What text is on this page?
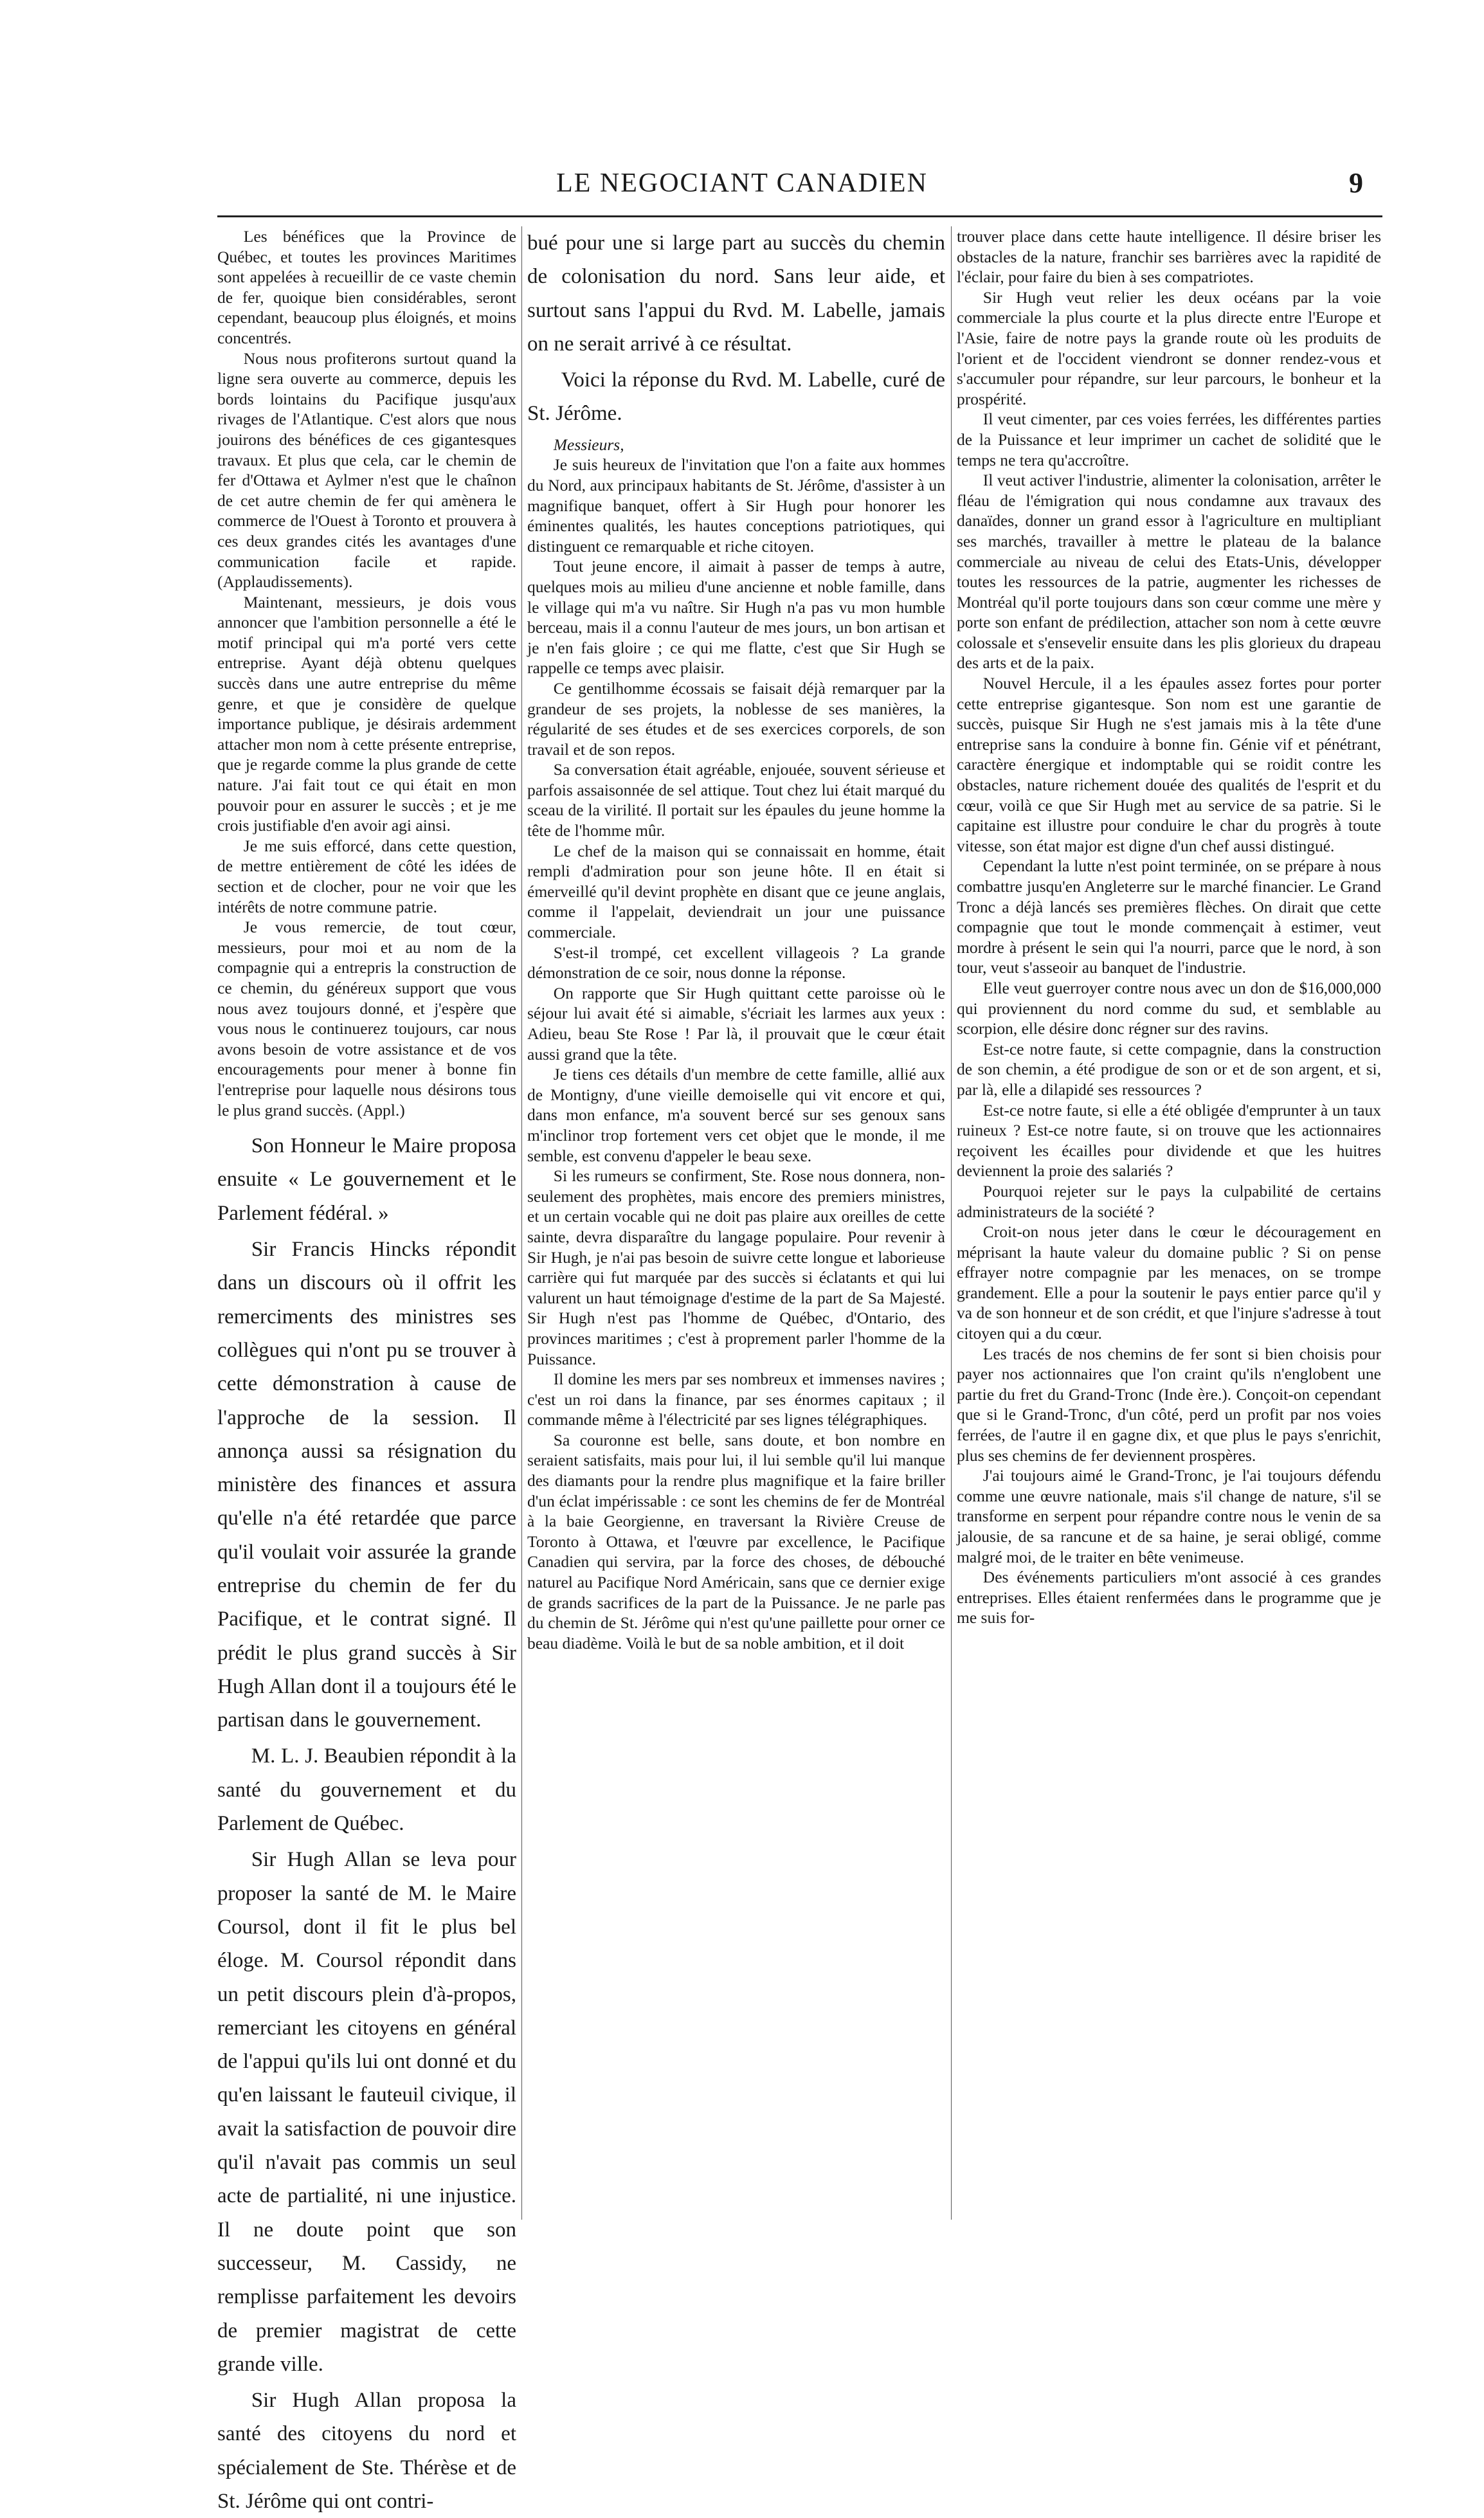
LE NEGOCIANT CANADIEN	9

Les bénéfices que la Province de Québec, et toutes les provinces Maritimes sont appelées à recueillir de ce vaste chemin de fer, quoique bien considérables, seront cependant, beaucoup plus éloignés, et moins concentrés.

Nous nous profiterons surtout quand la ligne sera ouverte au commerce, depuis les bords lointains du Pacifique jusqu'aux rivages de l'Atlantique. C'est alors que nous jouirons des bénéfices de ces gigantesques travaux. Et plus que cela, car le chemin de fer d'Ottawa et Aylmer n'est que le chaînon de cet autre chemin de fer qui amènera le commerce de l'Ouest à Toronto et prouvera à ces deux grandes cités les avantages d'une communication facile et rapide. (Applaudissements).

Maintenant, messieurs, je dois vous annoncer que l'ambition personnelle a été le motif principal qui m'a porté vers cette entreprise. Ayant déjà obtenu quelques succès dans une autre entreprise du même genre, et que je considère de quelque importance publique, je désirais ardemment attacher mon nom à cette présente entreprise, que je regarde comme la plus grande de cette nature. J'ai fait tout ce qui était en mon pouvoir pour en assurer le succès ; et je me crois justifiable d'en avoir agi ainsi.

Je me suis efforcé, dans cette question, de mettre entièrement de côté les idées de section et de clocher, pour ne voir que les intérêts de notre commune patrie.

Je vous remercie, de tout cœur, messieurs, pour moi et au nom de la compagnie qui a entrepris la construction de ce chemin, du généreux support que vous nous avez toujours donné, et j'espère que vous nous le continuerez toujours, car nous avons besoin de votre assistance et de vos encouragements pour mener à bonne fin l'entreprise pour laquelle nous désirons tous le plus grand succès. (Appl.)

Son Honneur le Maire proposa ensuite « Le gouvernement et le Parlement fédéral. »

Sir Francis Hincks répondit dans un discours où il offrit les remerciments des ministres ses collègues qui n'ont pu se trouver à cette démonstration à cause de l'approche de la session. Il annonça aussi sa résignation du ministère des finances et assura qu'elle n'a été retardée que parce qu'il voulait voir assurée la grande entreprise du chemin de fer du Pacifique, et le contrat signé. Il prédit le plus grand succès à Sir Hugh Allan dont il a toujours été le partisan dans le gouvernement.

M. L. J. Beaubien répondit à la santé du gouvernement et du Parlement de Québec.

Sir Hugh Allan se leva pour proposer la santé de M. le Maire Coursol, dont il fit le plus bel éloge. M. Coursol répondit dans un petit discours plein d'à-propos, remerciant les citoyens en général de l'appui qu'ils lui ont donné et du qu'en laissant le fauteuil civique, il avait la satisfaction de pouvoir dire qu'il n'avait pas commis un seul acte de partialité, ni une injustice. Il ne doute point que son successeur, M. Cassidy, ne remplisse parfaitement les devoirs de premier magistrat de cette grande ville.

Sir Hugh Allan proposa la santé des citoyens du nord et spécialement de Ste. Thérèse et de St. Jérôme qui ont contri-

bué pour une si large part au succès du chemin de colonisation du nord. Sans leur aide, et surtout sans l'appui du Rvd. M. Labelle, jamais on ne serait arrivé à ce résultat.

Voici la réponse du Rvd. M. Labelle, curé de St. Jérôme.

Messieurs,

Je suis heureux de l'invitation que l'on a faite aux hommes du Nord, aux principaux habitants de St. Jérôme, d'assister à un magnifique banquet, offert à Sir Hugh pour honorer les éminentes qualités, les hautes conceptions patriotiques, qui distinguent ce remarquable et riche citoyen.

Tout jeune encore, il aimait à passer de temps à autre, quelques mois au milieu d'une ancienne et noble famille, dans le village qui m'a vu naître. Sir Hugh n'a pas vu mon humble berceau, mais il a connu l'auteur de mes jours, un bon artisan et je n'en fais gloire ; ce qui me flatte, c'est que Sir Hugh se rappelle ce temps avec plaisir.

Ce gentilhomme écossais se faisait déjà remarquer par la grandeur de ses projets, la noblesse de ses manières, la régularité de ses études et de ses exercices corporels, de son travail et de son repos.

Sa conversation était agréable, enjouée, souvent sérieuse et parfois assaisonnée de sel attique. Tout chez lui était marqué du sceau de la virilité. Il portait sur les épaules du jeune homme la tête de l'homme mûr.

Le chef de la maison qui se connaissait en homme, était rempli d'admiration pour son jeune hôte. Il en était si émerveillé qu'il devint prophète en disant que ce jeune anglais, comme il l'appelait, deviendrait un jour une puissance commerciale.

S'est-il trompé, cet excellent villageois ? La grande démonstration de ce soir, nous donne la réponse.

On rapporte que Sir Hugh quittant cette paroisse où le séjour lui avait été si aimable, s'écriait les larmes aux yeux : Adieu, beau Ste Rose ! Par là, il prouvait que le cœur était aussi grand que la tête.

Je tiens ces détails d'un membre de cette famille, allié aux de Montigny, d'une vieille demoiselle qui vit encore et qui, dans mon enfance, m'a souvent bercé sur ses genoux sans m'inclinor trop fortement vers cet objet que le monde, il me semble, est convenu d'appeler le beau sexe.

Si les rumeurs se confirment, Ste. Rose nous donnera, non-seulement des prophètes, mais encore des premiers ministres, et un certain vocable qui ne doit pas plaire aux oreilles de cette sainte, devra disparaître du langage populaire. Pour revenir à Sir Hugh, je n'ai pas besoin de suivre cette longue et laborieuse carrière qui fut marquée par des succès si éclatants et qui lui valurent un haut témoignage d'estime de la part de Sa Majesté. Sir Hugh n'est pas l'homme de Québec, d'Ontario, des provinces maritimes ; c'est à proprement parler l'homme de la Puissance.

Il domine les mers par ses nombreux et immenses navires ; c'est un roi dans la finance, par ses énormes capitaux ; il commande même à l'électricité par ses lignes télégraphiques.

Sa couronne est belle, sans doute, et bon nombre en seraient satisfaits, mais pour lui, il lui semble qu'il lui manque des diamants pour la rendre plus magnifique et la faire briller d'un éclat impérissable : ce sont les chemins de fer de Montréal à la baie Georgienne, en traversant la Rivière Creuse de Toronto à Ottawa, et l'œuvre par excellence, le Pacifique Canadien qui servira, par la force des choses, de débouché naturel au Pacifique Nord Américain, sans que ce dernier exige de grands sacrifices de la part de la Puissance. Je ne parle pas du chemin de St. Jérôme qui n'est qu'une paillette pour orner ce beau diadème. Voilà le but de sa noble ambition, et il doit

trouver place dans cette haute intelligence. Il désire briser les obstacles de la nature, franchir ses barrières avec la rapidité de l'éclair, pour faire du bien à ses compatriotes.

Sir Hugh veut relier les deux océans par la voie commerciale la plus courte et la plus directe entre l'Europe et l'Asie, faire de notre pays la grande route où les produits de l'orient et de l'occident viendront se donner rendez-vous et s'accumuler pour répandre, sur leur parcours, le bonheur et la prospérité.

Il veut cimenter, par ces voies ferrées, les différentes parties de la Puissance et leur imprimer un cachet de solidité que le temps ne tera qu'accroître.

Il veut activer l'industrie, alimenter la colonisation, arrêter le fléau de l'émigration qui nous condamne aux travaux des danaïdes, donner un grand essor à l'agriculture en multipliant ses marchés, travailler à mettre le plateau de la balance commerciale au niveau de celui des Etats-Unis, développer toutes les ressources de la patrie, augmenter les richesses de Montréal qu'il porte toujours dans son cœur comme une mère y porte son enfant de prédilection, attacher son nom à cette œuvre colossale et s'ensevelir ensuite dans les plis glorieux du drapeau des arts et de la paix.

Nouvel Hercule, il a les épaules assez fortes pour porter cette entreprise gigantesque. Son nom est une garantie de succès, puisque Sir Hugh ne s'est jamais mis à la tête d'une entreprise sans la conduire à bonne fin. Génie vif et pénétrant, caractère énergique et indomptable qui se roidit contre les obstacles, nature richement douée des qualités de l'esprit et du cœur, voilà ce que Sir Hugh met au service de sa patrie. Si le capitaine est illustre pour conduire le char du progrès à toute vitesse, son état major est digne d'un chef aussi distingué.

Cependant la lutte n'est point terminée, on se prépare à nous combattre jusqu'en Angleterre sur le marché financier. Le Grand Tronc a déjà lancés ses premières flèches. On dirait que cette compagnie que tout le monde commençait à estimer, veut mordre à présent le sein qui l'a nourri, parce que le nord, à son tour, veut s'asseoir au banquet de l'industrie.

Elle veut guerroyer contre nous avec un don de $16,000,000 qui proviennent du nord comme du sud, et semblable au scorpion, elle désire donc régner sur des ravins.

Est-ce notre faute, si cette compagnie, dans la construction de son chemin, a été prodigue de son or et de son argent, et si, par là, elle a dilapidé ses ressources ?

Est-ce notre faute, si elle a été obligée d'emprunter à un taux ruineux ? Est-ce notre faute, si on trouve que les actionnaires reçoivent les écailles pour dividende et que les huitres deviennent la proie des salariés ?

Pourquoi rejeter sur le pays la culpabilité de certains administrateurs de la société ?

Croit-on nous jeter dans le cœur le découragement en méprisant la haute valeur du domaine public ? Si on pense effrayer notre compagnie par les menaces, on se trompe grandement. Elle a pour la soutenir le pays entier parce qu'il y va de son honneur et de son crédit, et que l'injure s'adresse à tout citoyen qui a du cœur.

Les tracés de nos chemins de fer sont si bien choisis pour payer nos actionnaires que l'on craint qu'ils n'englobent une partie du fret du Grand-Tronc (Inde ère.). Conçoit-on cependant que si le Grand-Tronc, d'un côté, perd un profit par nos voies ferrées, de l'autre il en gagne dix, et que plus le pays s'enrichit, plus ses chemins de fer deviennent prospères.

J'ai toujours aimé le Grand-Tronc, je l'ai toujours défendu comme une œuvre nationale, mais s'il change de nature, s'il se transforme en serpent pour répandre contre nous le venin de sa jalousie, de sa rancune et de sa haine, je serai obligé, comme malgré moi, de le traiter en bête venimeuse.

Des événements particuliers m'ont associé à ces grandes entreprises. Elles étaient renfermées dans le programme que je me suis for-
